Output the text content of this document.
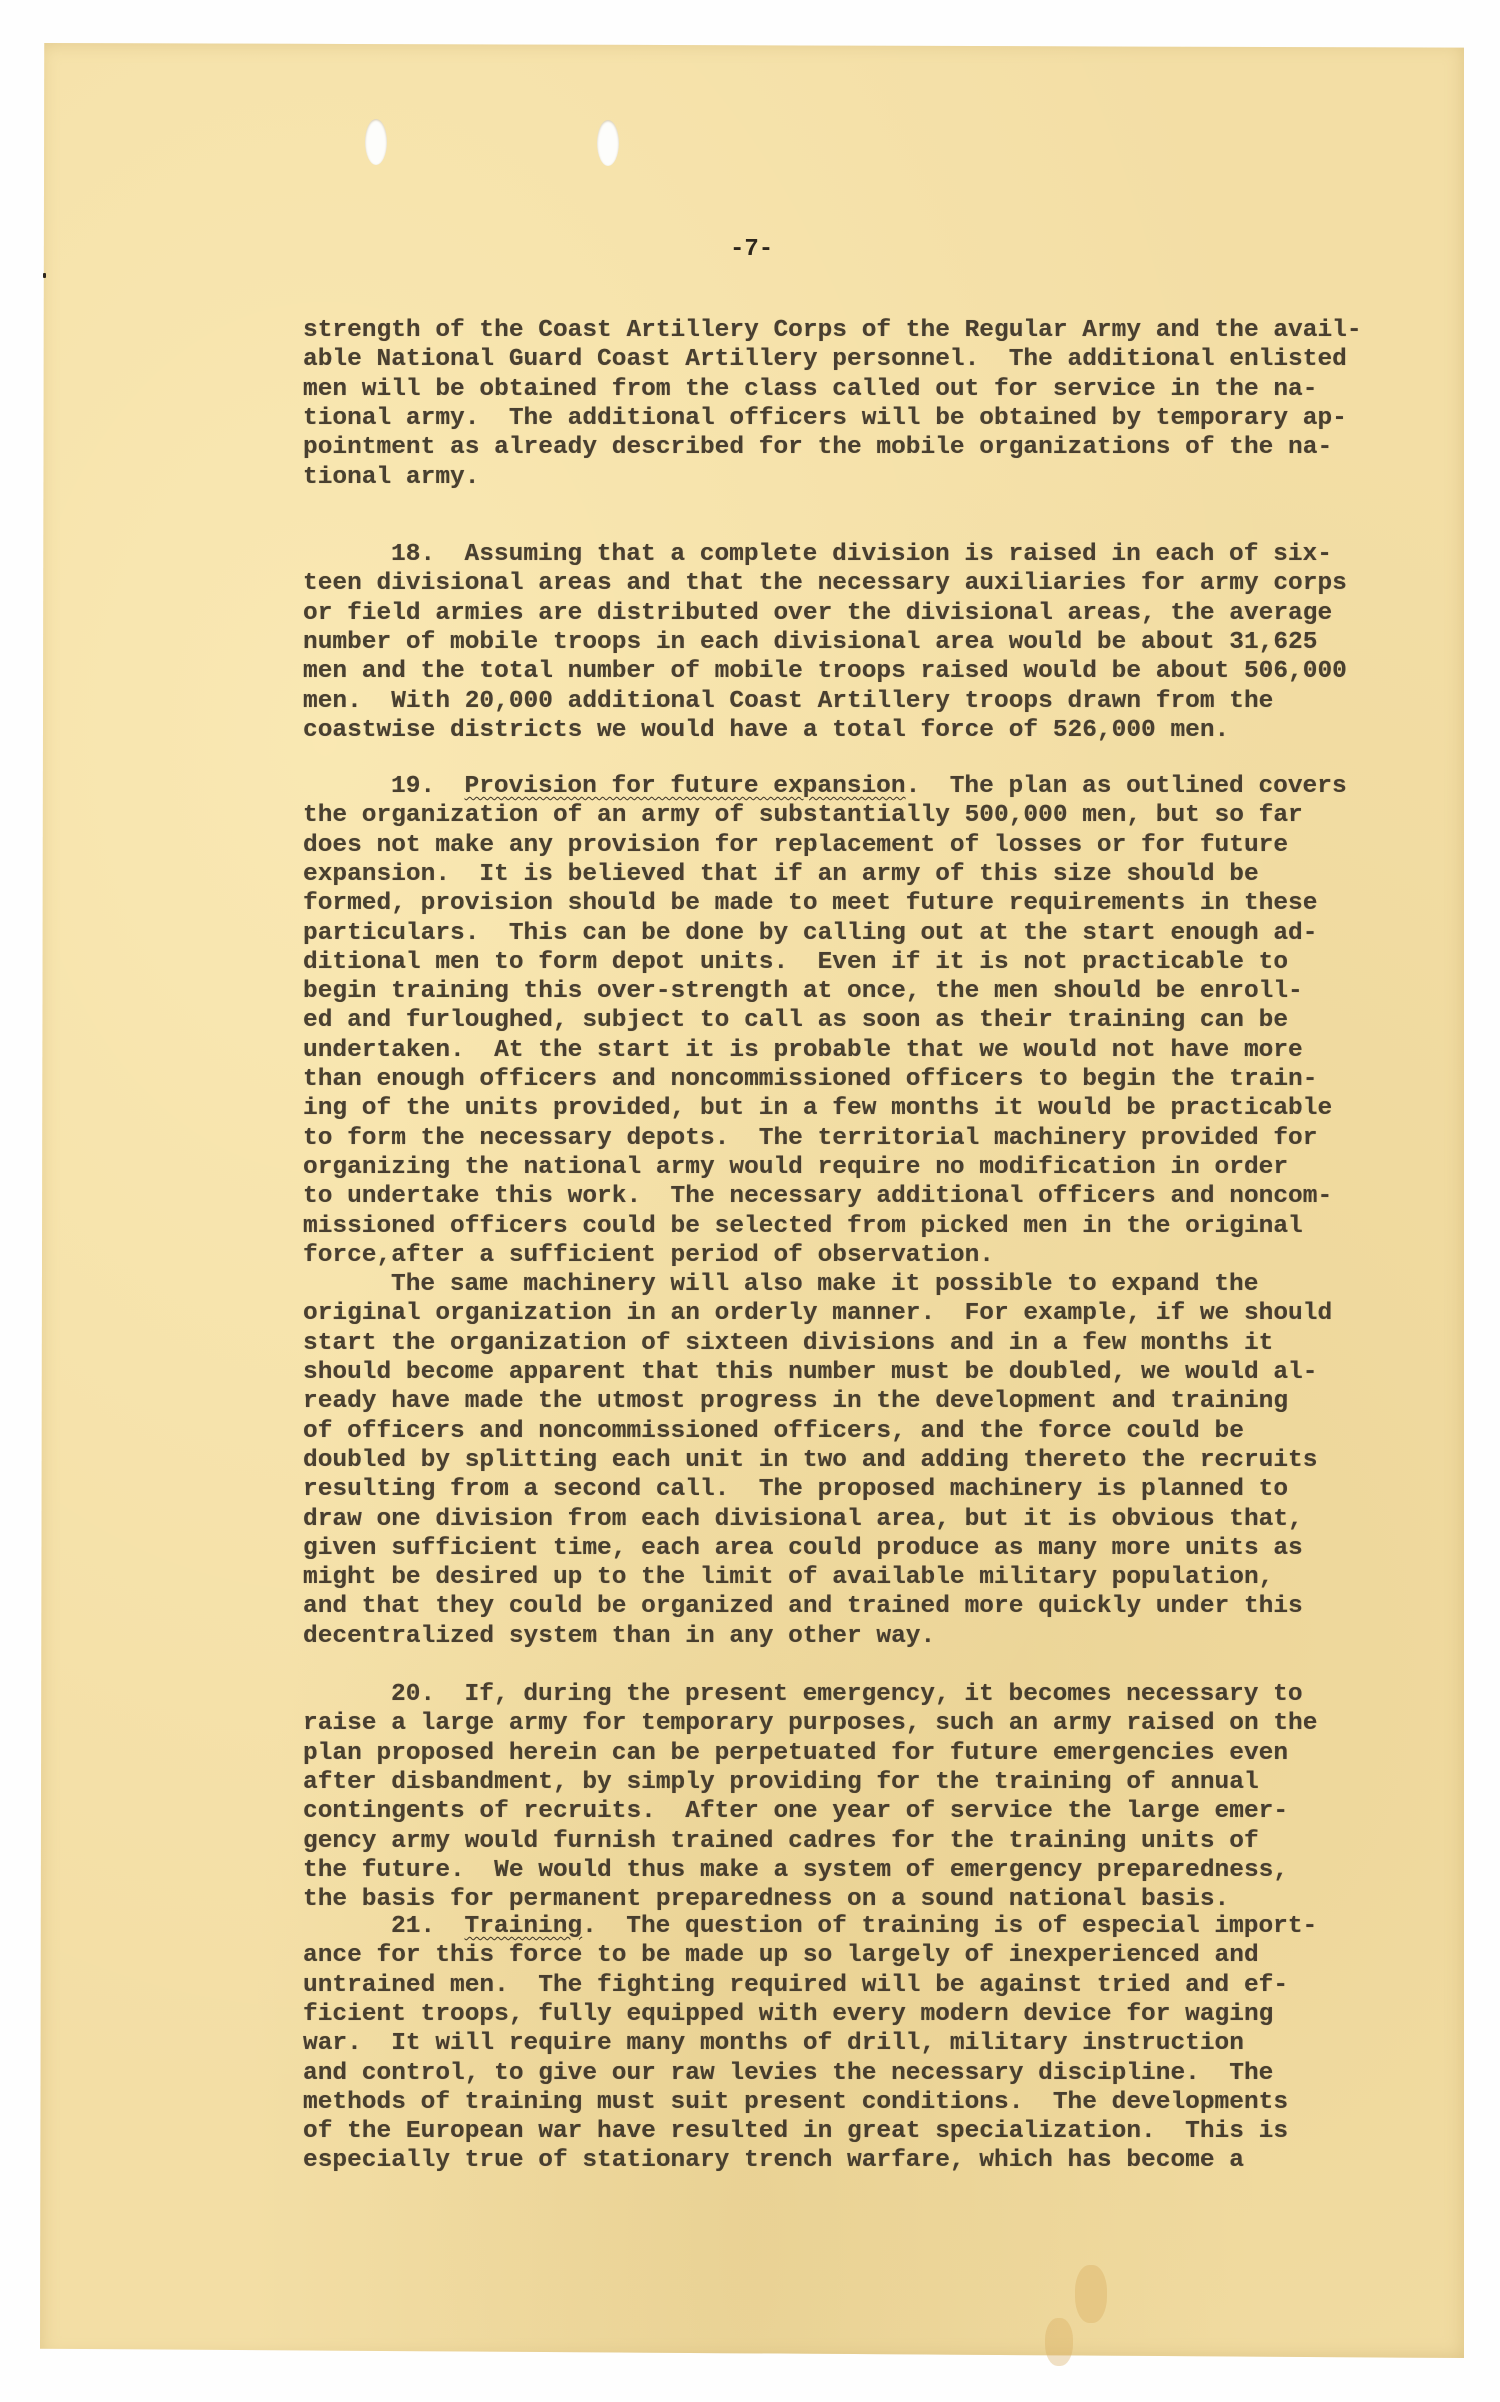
-7-
strength of the Coast Artillery Corps of the Regular Army and the avail-
able National Guard Coast Artillery personnel.  The additional enlisted
men will be obtained from the class called out for service in the na-
tional army.  The additional officers will be obtained by temporary ap-
pointment as already described for the mobile organizations of the na-
tional army.
18.  Assuming that a complete division is raised in each of six-
teen divisional areas and that the necessary auxiliaries for army corps
or field armies are distributed over the divisional areas, the average
number of mobile troops in each divisional area would be about 31,625
men and the total number of mobile troops raised would be about 506,000
men.  With 20,000 additional Coast Artillery troops drawn from the
coastwise districts we would have a total force of 526,000 men.
19.  Provision for future expansion.  The plan as outlined covers
the organization of an army of substantially 500,000 men, but so far
does not make any provision for replacement of losses or for future
expansion.  It is believed that if an army of this size should be
formed, provision should be made to meet future requirements in these
particulars.  This can be done by calling out at the start enough ad-
ditional men to form depot units.  Even if it is not practicable to
begin training this over-strength at once, the men should be enroll-
ed and furloughed, subject to call as soon as their training can be
undertaken.  At the start it is probable that we would not have more
than enough officers and noncommissioned officers to begin the train-
ing of the units provided, but in a few months it would be practicable
to form the necessary depots.  The territorial machinery provided for
organizing the national army would require no modification in order
to undertake this work.  The necessary additional officers and noncom-
missioned officers could be selected from picked men in the original
force,after a sufficient period of observation.
The same machinery will also make it possible to expand the
original organization in an orderly manner.  For example, if we should
start the organization of sixteen divisions and in a few months it
should become apparent that this number must be doubled, we would al-
ready have made the utmost progress in the development and training
of officers and noncommissioned officers, and the force could be
doubled by splitting each unit in two and adding thereto the recruits
resulting from a second call.  The proposed machinery is planned to
draw one division from each divisional area, but it is obvious that,
given sufficient time, each area could produce as many more units as
might be desired up to the limit of available military population,
and that they could be organized and trained more quickly under this
decentralized system than in any other way.
20.  If, during the present emergency, it becomes necessary to
raise a large army for temporary purposes, such an army raised on the
plan proposed herein can be perpetuated for future emergencies even
after disbandment, by simply providing for the training of annual
contingents of recruits.  After one year of service the large emer-
gency army would furnish trained cadres for the training units of
the future.  We would thus make a system of emergency preparedness,
the basis for permanent preparedness on a sound national basis.
21.  Training.  The question of training is of especial import-
ance for this force to be made up so largely of inexperienced and
untrained men.  The fighting required will be against tried and ef-
ficient troops, fully equipped with every modern device for waging
war.  It will require many months of drill, military instruction
and control, to give our raw levies the necessary discipline.  The
methods of training must suit present conditions.  The developments
of the European war have resulted in great specialization.  This is
especially true of stationary trench warfare, which has become a
